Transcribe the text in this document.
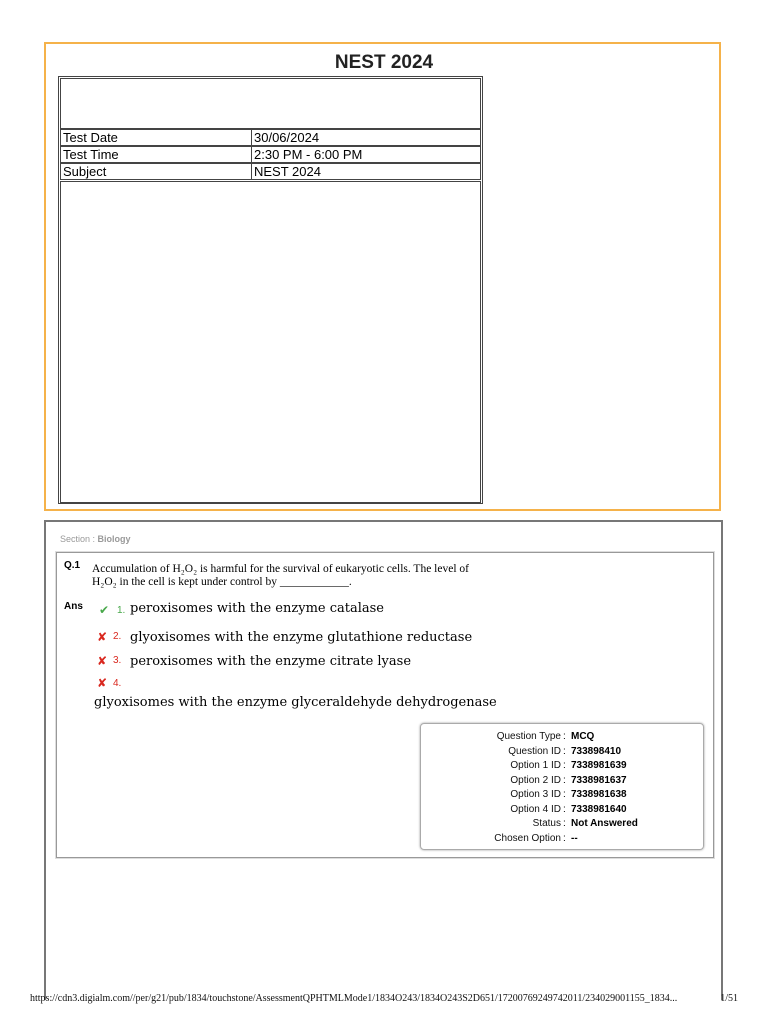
NEST 2024
Test Date	30/06/2024
Test Time	2:30 PM - 6:00 PM
Subject	NEST 2024
Section : Biology
Q.1 Accumulation of H₂O₂ is harmful for the survival of eukaryotic cells. The level of
H₂O₂ in the cell is kept under control by ____________.
Ans ✔ 1. peroxisomes with the enzyme catalase
✘ 2. glyoxisomes with the enzyme glutathione reductase
✘ 3. peroxisomes with the enzyme citrate lyase
✘ 4.
glyoxisomes with the enzyme glyceraldehyde dehydrogenase
Question Type : MCQ
Question ID : 733898410
Option 1 ID : 7338981639
Option 2 ID : 7338981637
Option 3 ID : 7338981638
Option 4 ID : 7338981640
Status : Not Answered
Chosen Option : --
https://cdn3.digialm.com//per/g21/pub/1834/touchstone/AssessmentQPHTMLMode1/1834O243/1834O243S2D651/17200769249742011/234029001155_1834...	1/51
